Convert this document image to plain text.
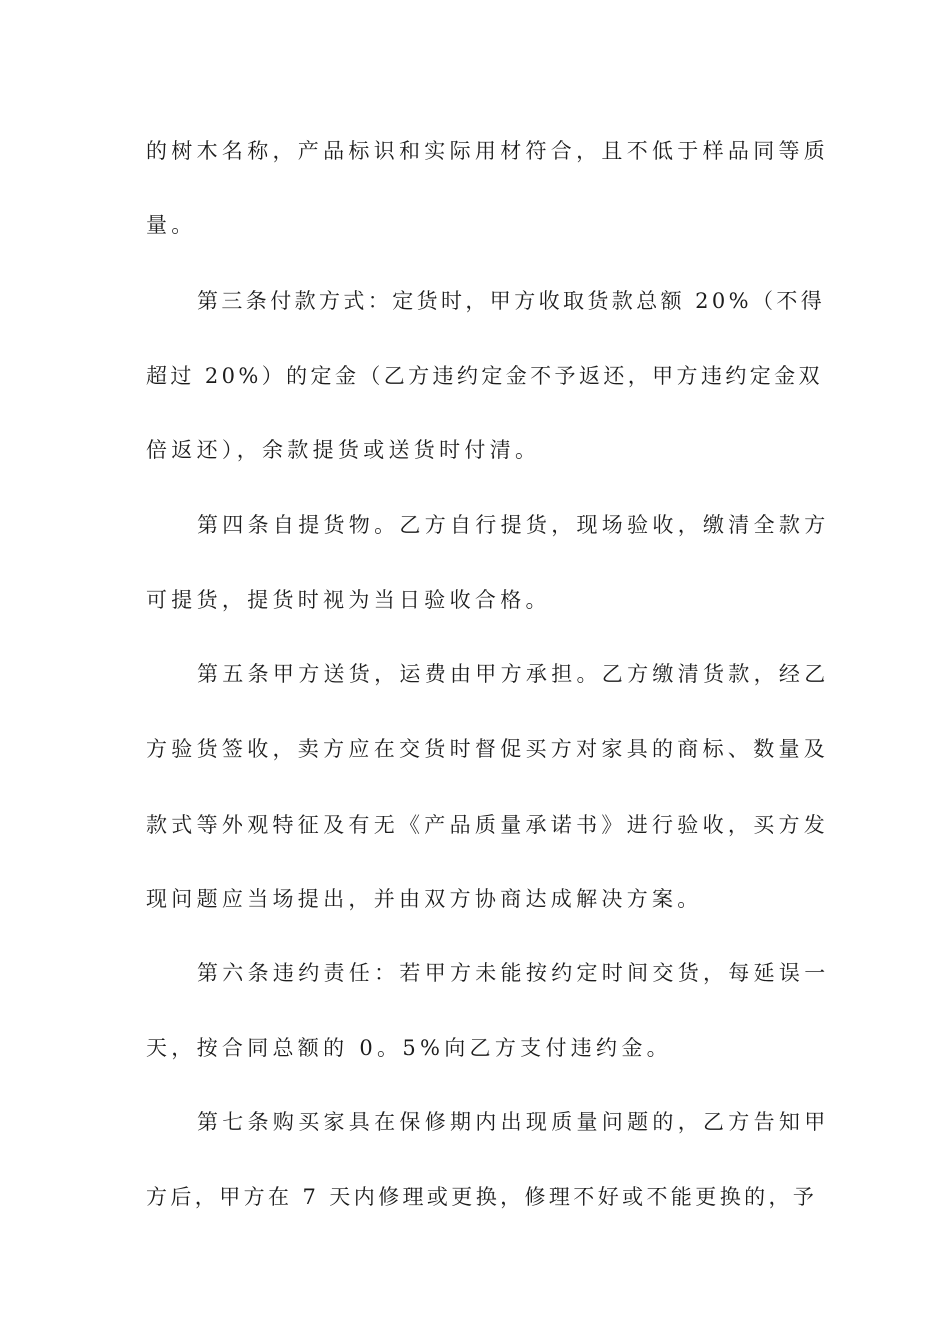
的树木名称，产品标识和实际用材符合，且不低于样品同等质
量。
第三条付款方式：定货时，甲方收取货款总额 20%（不得
超过 20%）的定金（乙方违约定金不予返还，甲方违约定金双
倍返还），余款提货或送货时付清。
第四条自提货物。乙方自行提货，现场验收，缴清全款方
可提货，提货时视为当日验收合格。
第五条甲方送货，运费由甲方承担。乙方缴清货款，经乙
方验货签收，卖方应在交货时督促买方对家具的商标、数量及
款式等外观特征及有无《产品质量承诺书》进行验收，买方发
现问题应当场提出，并由双方协商达成解决方案。
第六条违约责任：若甲方未能按约定时间交货，每延误一
天，按合同总额的 0。5%向乙方支付违约金。
第七条购买家具在保修期内出现质量问题的，乙方告知甲
方后，甲方在 7 天内修理或更换，修理不好或不能更换的，予
